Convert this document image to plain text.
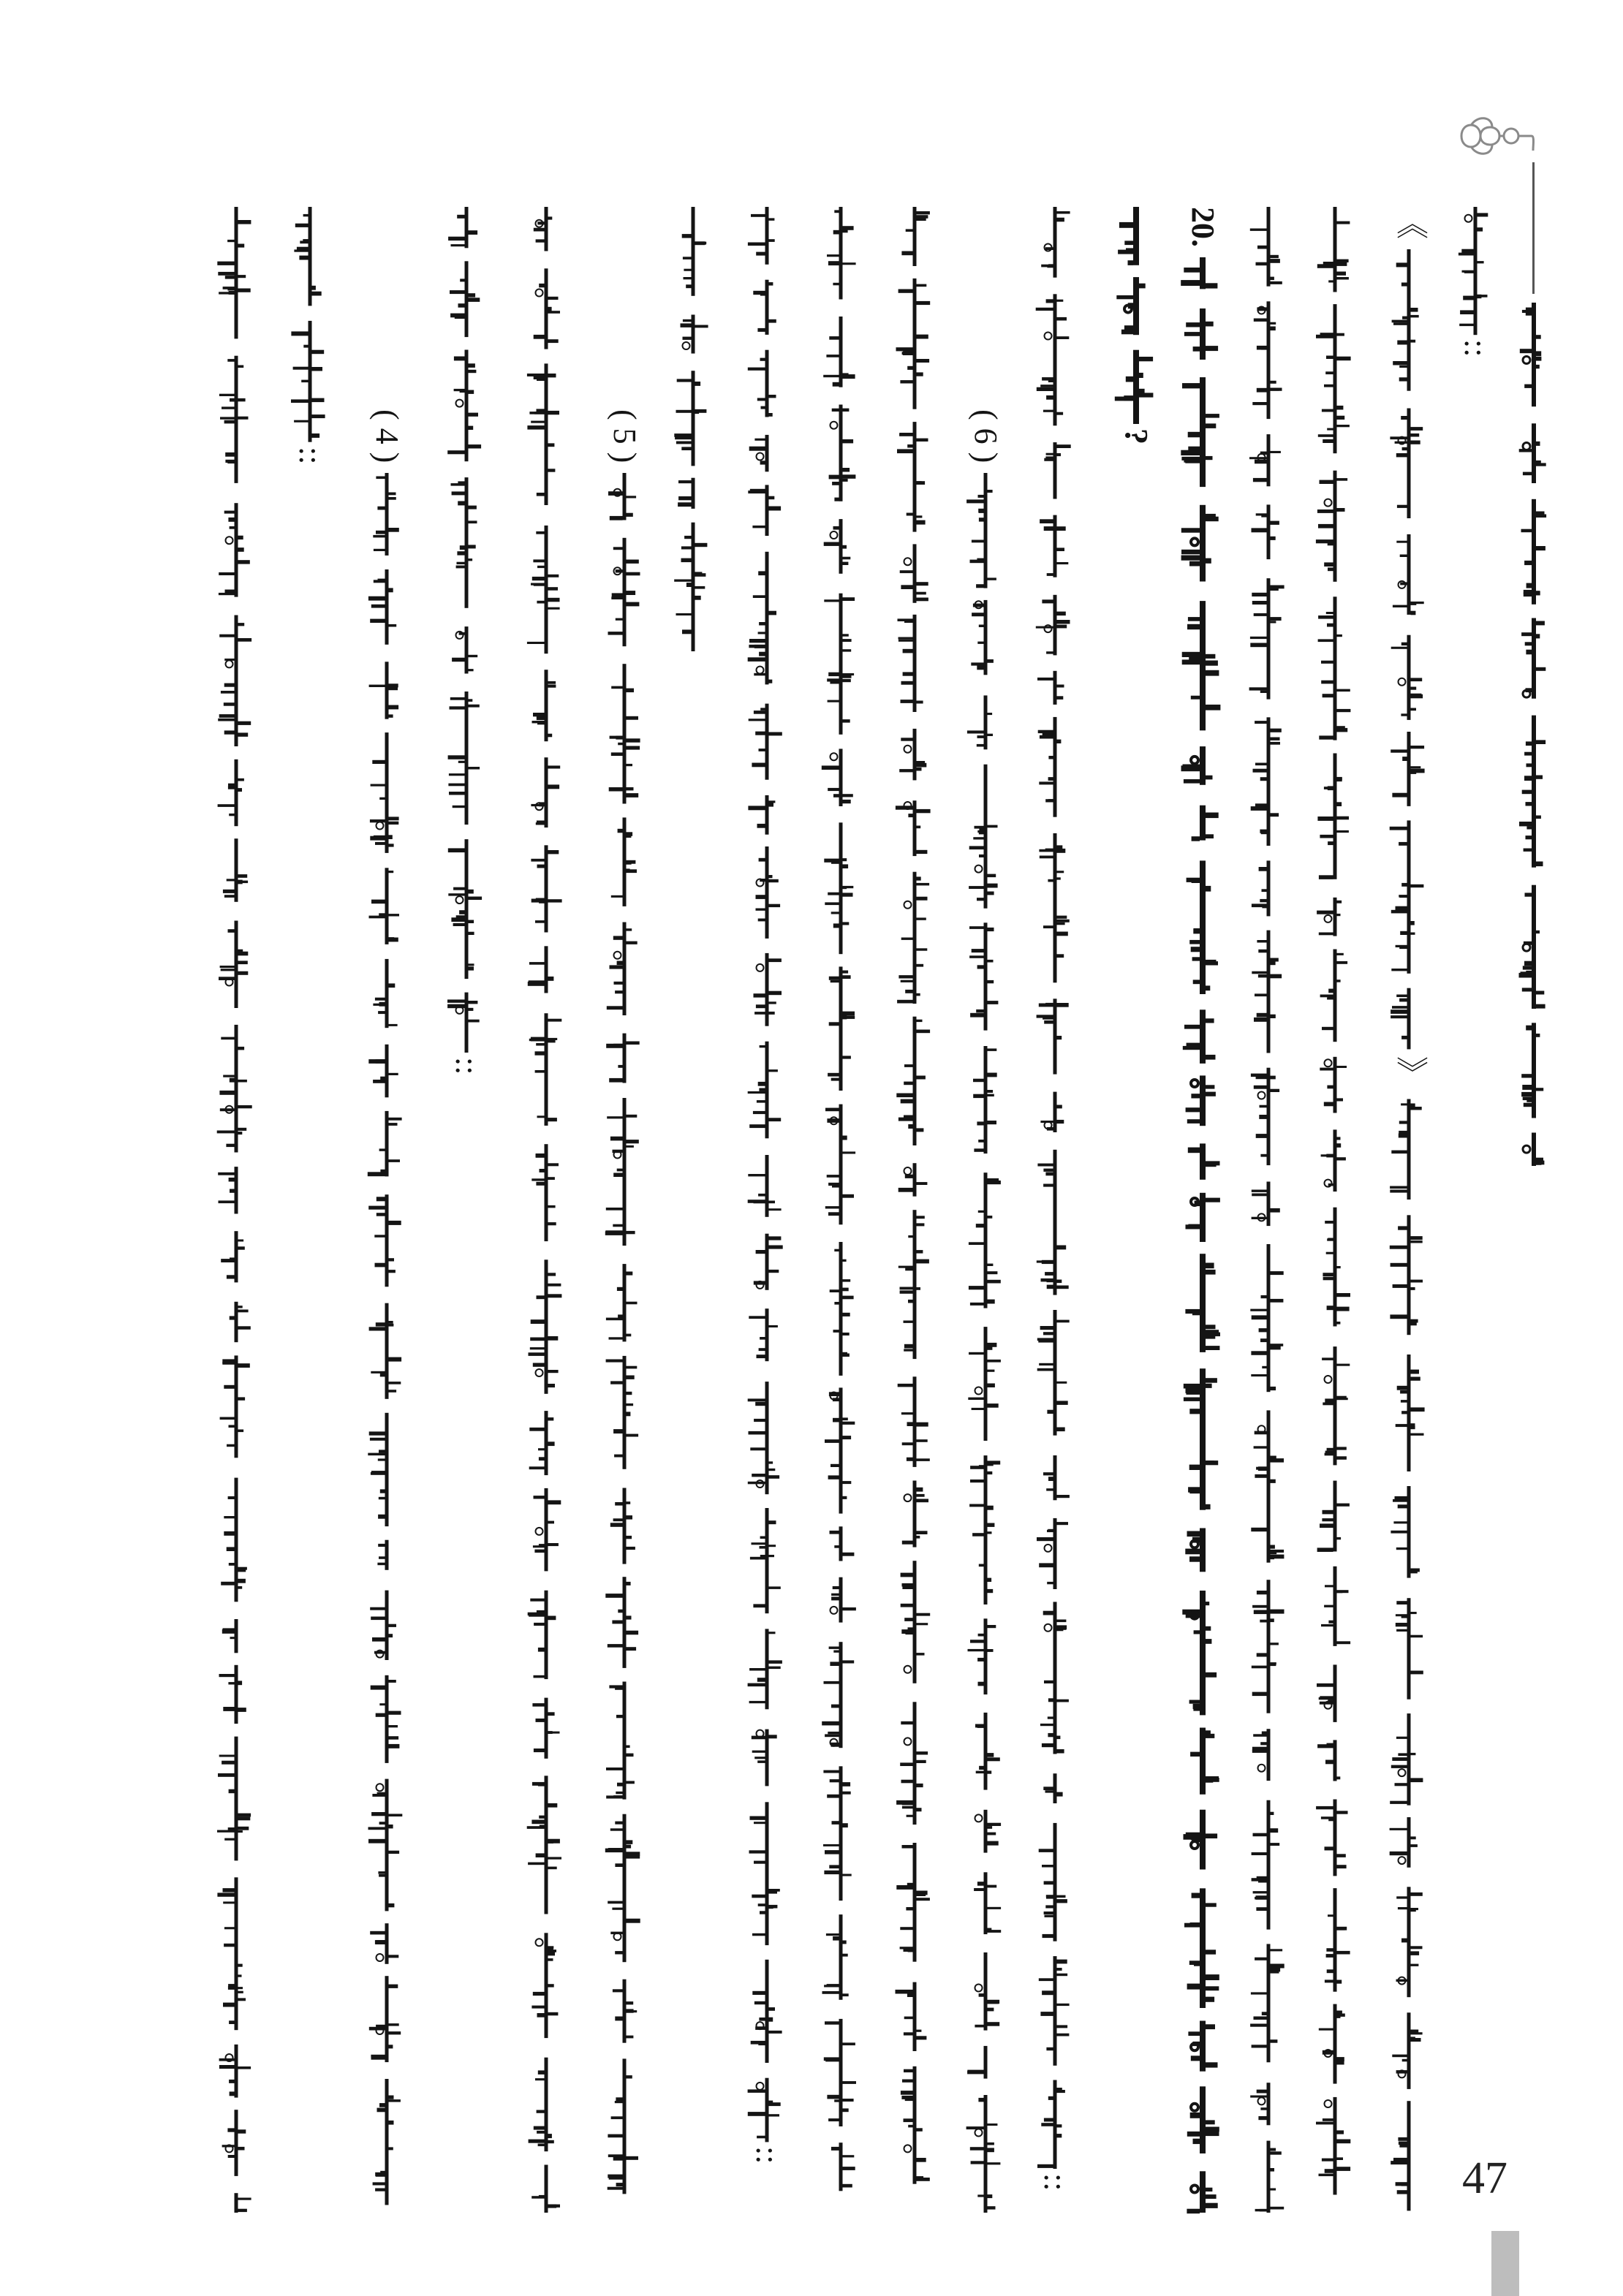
47
::
《
》
20.
?
::
( 6 )
::
( 5 )
::
( 4 )
::
